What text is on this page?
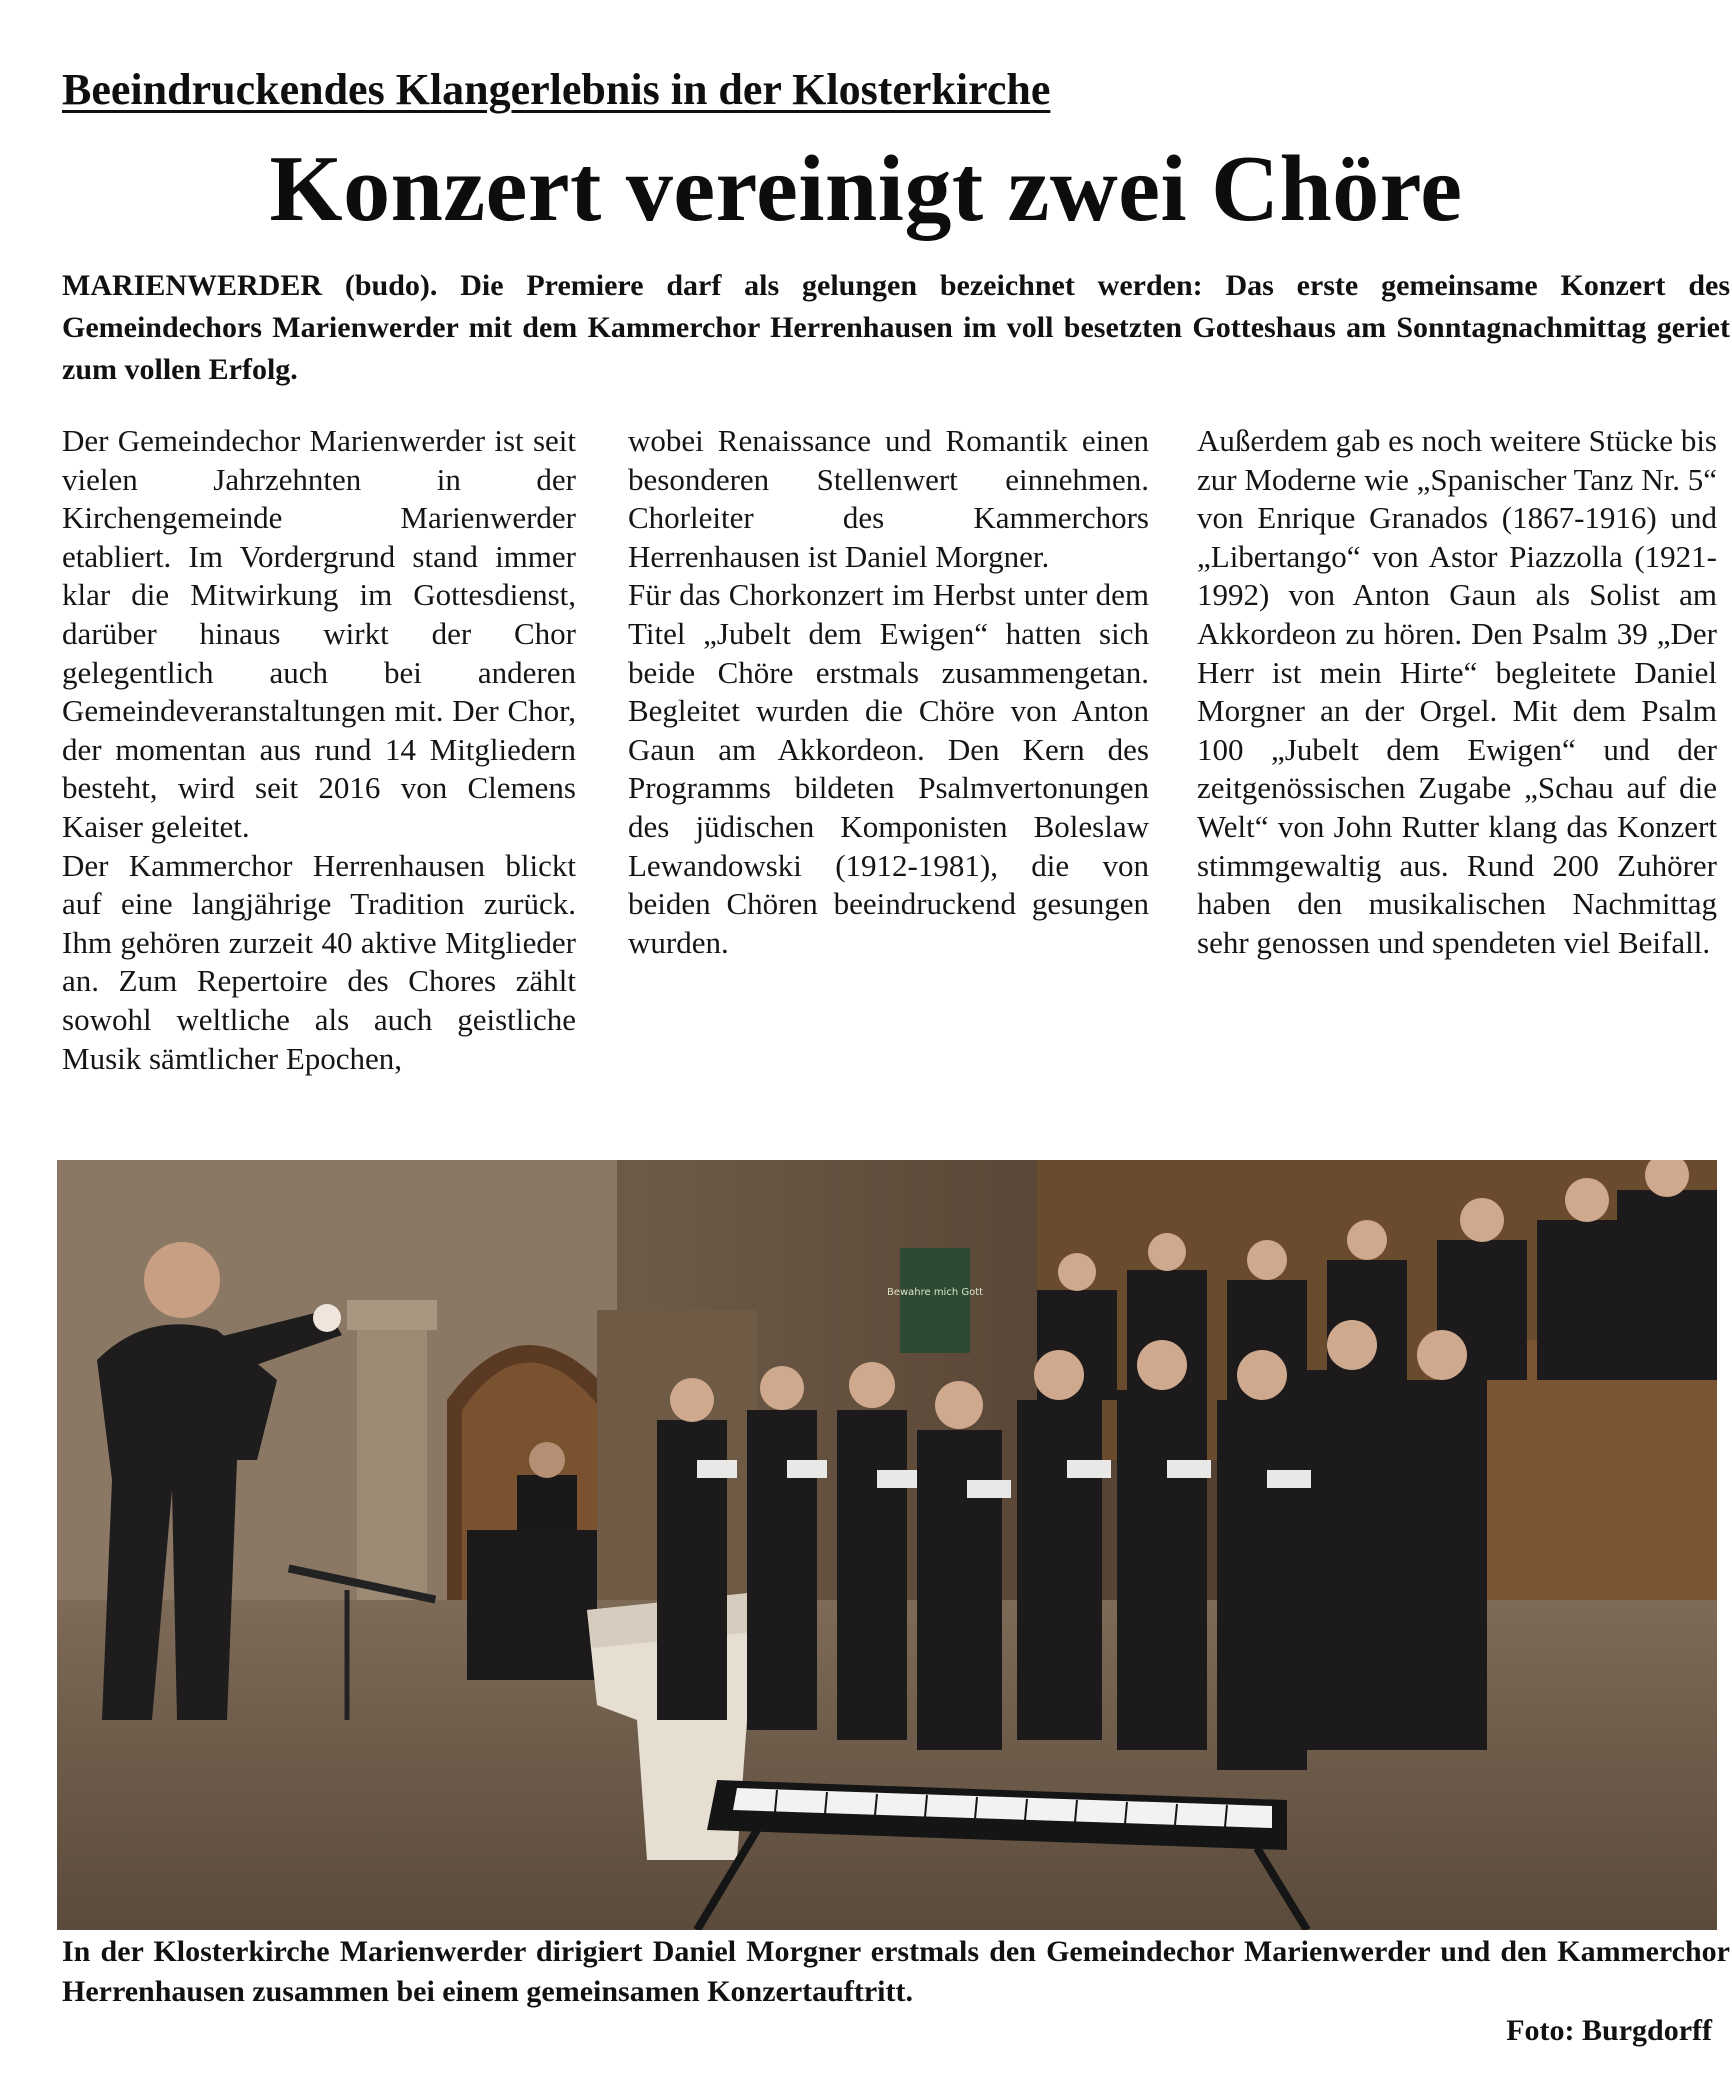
Beeindruckendes Klangerlebnis in der Klosterkirche
Konzert vereinigt zwei Chöre
MARIENWERDER (budo). Die Premiere darf als gelungen bezeichnet werden: Das erste gemeinsame Konzert des Gemeindechors Marienwerder mit dem Kammerchor Herrenhausen im voll besetzten Gotteshaus am Sonntagnachmittag geriet zum vollen Erfolg.

Der Gemeindechor Marienwerder ist seit vielen Jahrzehnten in der Kirchengemeinde Marienwerder etabliert. Im Vordergrund stand immer klar die Mitwirkung im Gottesdienst, darüber hinaus wirkt der Chor gelegentlich auch bei anderen Gemeindeveranstaltungen mit. Der Chor, der momentan aus rund 14 Mitgliedern besteht, wird seit 2016 von Clemens Kaiser geleitet.

Der Kammerchor Herrenhausen blickt auf eine langjährige Tradition zurück. Ihm gehören zurzeit 40 aktive Mitglieder an. Zum Repertoire des Chores zählt sowohl weltliche als auch geistliche Musik sämtlicher Epochen,

wobei Renaissance und Romantik einen besonderen Stellenwert einnehmen. Chorleiter des Kammerchors Herrenhausen ist Daniel Morgner.

Für das Chorkonzert im Herbst unter dem Titel „Jubelt dem Ewigen“ hatten sich beide Chöre erstmals zusammengetan. Begleitet wurden die Chöre von Anton Gaun am Akkordeon. Den Kern des Programms bildeten Psalmvertonungen des jüdischen Komponisten Boleslaw Lewandowski (1912-1981), die von beiden Chören beeindruckend gesungen wurden.

Außerdem gab es noch weitere Stücke bis zur Moderne wie „Spanischer Tanz Nr. 5“ von Enrique Granados (1867-1916) und „Libertango“ von Astor Piazzolla (1921-1992) von Anton Gaun als Solist am Akkordeon zu hören. Den Psalm 39 „Der Herr ist mein Hirte“ begleitete Daniel Morgner an der Orgel. Mit dem Psalm 100 „Jubelt dem Ewigen“ und der zeitgenössischen Zugabe „Schau auf die Welt“ von John Rutter klang das Konzert stimmgewaltig aus. Rund 200 Zuhörer haben den musikalischen Nachmittag sehr genossen und spendeten viel Beifall.

Bewahre mich Gott
In der Klosterkirche Marienwerder dirigiert Daniel Morgner erstmals den Gemeindechor Marienwerder und den Kammerchor Herrenhausen zusammen bei einem gemeinsamen Konzertauftritt.
Foto: Burgdorff
